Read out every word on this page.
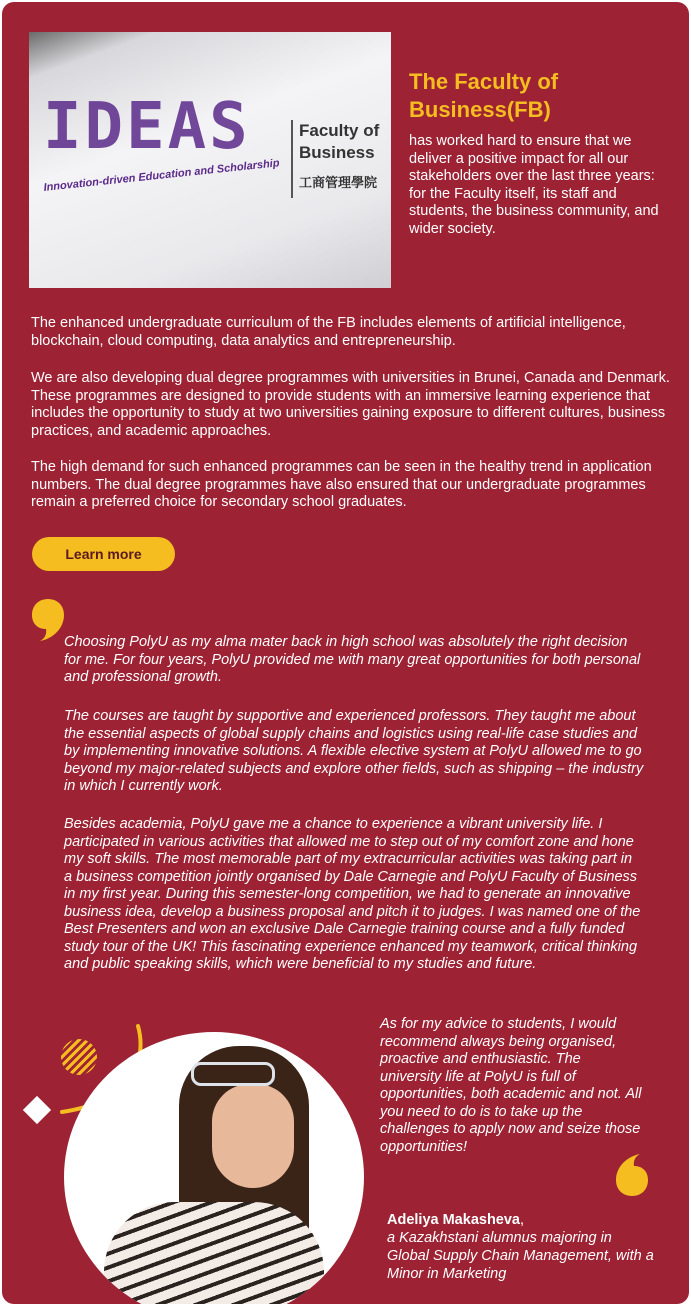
IDEAS
Innovation-driven Education and Scholarship
Faculty of Business
工商管理學院
The Faculty of Business(FB)

has worked hard to ensure that we deliver a positive impact for all our stakeholders over the last three years: for the Faculty itself, its staff and students, the business community, and wider society.

The enhanced undergraduate curriculum of the FB includes elements of artificial intelligence, blockchain, cloud computing, data analytics and entrepreneurship.

We are also developing dual degree programmes with universities in Brunei, Canada and Denmark. These programmes are designed to provide students with an immersive learning experience that includes the opportunity to study at two universities gaining exposure to different cultures, business practices, and academic approaches.

The high demand for such enhanced programmes can be seen in the healthy trend in application numbers. The dual degree programmes have also ensured that our undergraduate programmes remain a preferred choice for secondary school graduates.

Learn more

Choosing PolyU as my alma mater back in high school was absolutely the right decision for me. For four years, PolyU provided me with many great opportunities for both personal and professional growth.

The courses are taught by supportive and experienced professors. They taught me about the essential aspects of global supply chains and logistics using real-life case studies and by implementing innovative solutions. A flexible elective system at PolyU allowed me to go beyond my major-related subjects and explore other fields, such as shipping – the industry in which I currently work.

Besides academia, PolyU gave me a chance to experience a vibrant university life. I participated in various activities that allowed me to step out of my comfort zone and hone my soft skills. The most memorable part of my extracurricular activities was taking part in a business competition jointly organised by Dale Carnegie and PolyU Faculty of Business in my first year. During this semester-long competition, we had to generate an innovative business idea, develop a business proposal and pitch it to judges. I was named one of the Best Presenters and won an exclusive Dale Carnegie training course and a fully funded study tour of the UK! This fascinating experience enhanced my teamwork, critical thinking and public speaking skills, which were beneficial to my studies and future.

As for my advice to students, I would recommend always being organised, proactive and enthusiastic. The university life at PolyU is full of opportunities, both academic and not. All you need to do is to take up the challenges to apply now and seize those opportunities!

Adeliya Makasheva,

a Kazakhstani alumnus majoring in Global Supply Chain Management, with a Minor in Marketing
